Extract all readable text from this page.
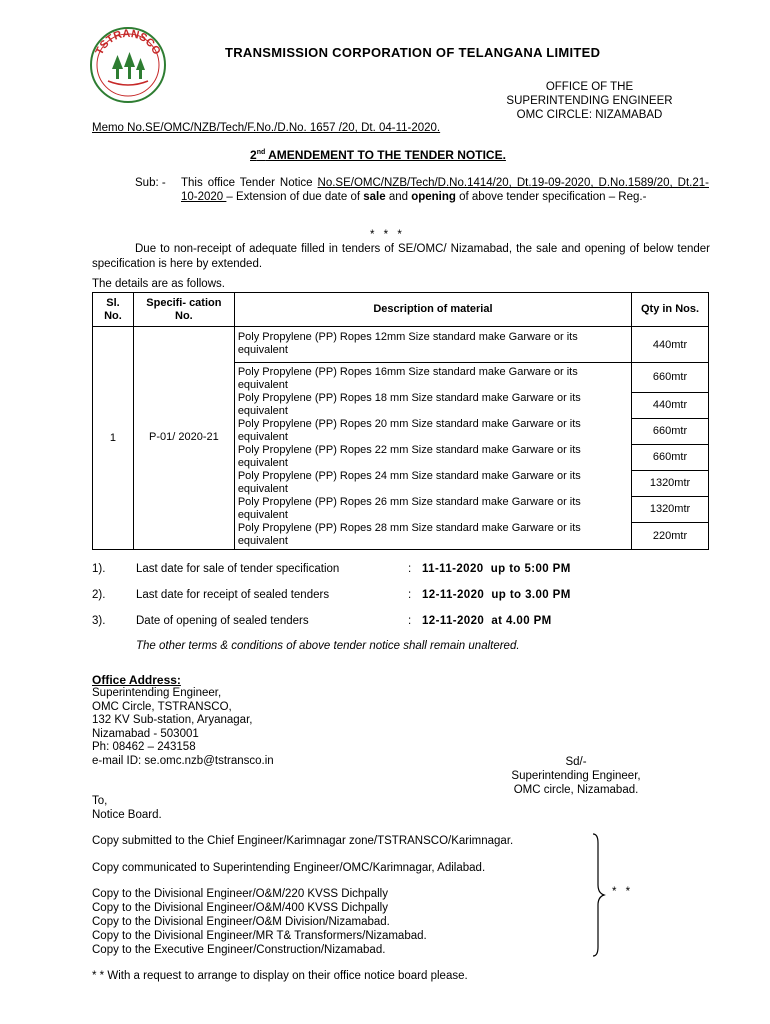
TSTRANSCO	TRANSMISSION CORPORATION OF TELANGANA LIMITED
OFFICE OF THE
SUPERINTENDING ENGINEER
OMC CIRCLE: NIZAMABAD
Memo No.SE/OMC/NZB/Tech/F.No./D.No. 1657 /20, Dt. 04-11-2020.
2nd AMENDEMENT TO THE TENDER NOTICE.
Sub: - This office Tender Notice No.SE/OMC/NZB/Tech/D.No.1414/20, Dt.19-09-2020, D.No.1589/20, Dt.21-10-2020 – Extension of due date of sale and opening of above tender specification – Reg.-
* * *
Due to non-receipt of adequate filled in tenders of SE/OMC/ Nizamabad, the sale and opening of below tender specification is here by extended.
The details are as follows.
Sl. No.	Specifi- cation No.	Description of material	Qty in Nos.
1	P-01/ 2020-21	Poly Propylene (PP) Ropes 12mm Size standard make Garware or its equivalent	440mtr
		Poly Propylene (PP) Ropes 16mm Size standard make Garware or its equivalent	660mtr
		Poly Propylene (PP) Ropes 18 mm Size standard make Garware or its equivalent	440mtr
		Poly Propylene (PP) Ropes 20 mm Size standard make Garware or its equivalent	660mtr
		Poly Propylene (PP) Ropes 22 mm Size standard make Garware or its equivalent	660mtr
		Poly Propylene (PP) Ropes 24 mm Size standard make Garware or its equivalent	1320mtr
		Poly Propylene (PP) Ropes 26 mm Size standard make Garware or its equivalent	1320mtr
		Poly Propylene (PP) Ropes 28 mm Size standard make Garware or its equivalent	220mtr
1).	Last date for sale of tender specification	: 11-11-2020  up to 5:00 PM
2).	Last date for receipt of sealed tenders	: 12-11-2020  up to 3.00 PM
3).	Date of opening of sealed tenders	: 12-11-2020  at 4.00 PM
The other terms & conditions of above tender notice shall remain unaltered.
Office Address:
Superintending Engineer,
OMC Circle, TSTRANSCO,
132 KV Sub-station, Aryanagar,
Nizamabad - 503001
Ph: 08462 – 243158
e-mail ID: se.omc.nzb@tstransco.in	Sd/-
Superintending Engineer,
OMC circle, Nizamabad.
To,
Notice Board.
Copy submitted to the Chief Engineer/Karimnagar zone/TSTRANSCO/Karimnagar.
Copy communicated to Superintending Engineer/OMC/Karimnagar, Adilabad.
Copy to the Divisional Engineer/O&M/220 KVSS Dichpally
Copy to the Divisional Engineer/O&M/400 KVSS Dichpally
Copy to the Divisional Engineer/O&M Division/Nizamabad.
Copy to the Divisional Engineer/MR T& Transformers/Nizamabad.
Copy to the Executive Engineer/Construction/Nizamabad.
* *
* * With a request to arrange to display on their office notice board please.
